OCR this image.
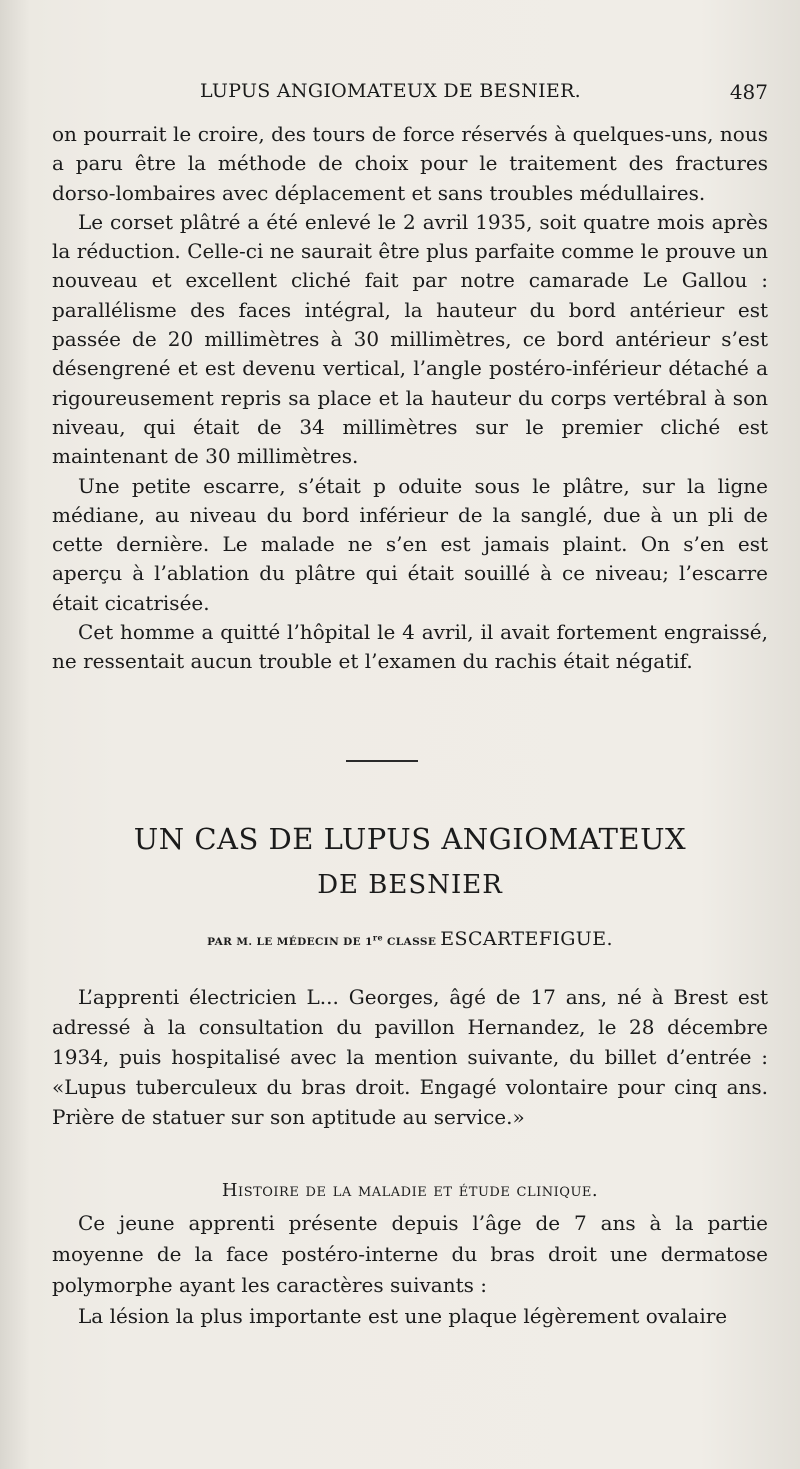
LUPUS ANGIOMATEUX DE BESNIER.	487

on pourrait le croire, des tours de force réservés à quelques-uns, nous a paru être la méthode de choix pour le traitement des fractures dorso-lombaires avec déplacement et sans troubles médullaires.

Le corset plâtré a été enlevé le 2 avril 1935, soit quatre mois après la réduction. Celle-ci ne saurait être plus parfaite comme le prouve un nouveau et excellent cliché fait par notre camarade Le Gallou : parallélisme des faces intégral, la hauteur du bord antérieur est passée de 20 millimètres à 30 millimètres, ce bord antérieur s’est désengrené et est devenu vertical, l’angle postéro-inférieur détaché a rigoureusement repris sa place et la hauteur du corps vertébral à son niveau, qui était de 34 millimètres sur le premier cliché est maintenant de 30 millimètres.

Une petite escarre, s’était p oduite sous le plâtre, sur la ligne médiane, au niveau du bord inférieur de la sanglé, due à un pli de cette dernière. Le malade ne s’en est jamais plaint. On s’en est aperçu à l’ablation du plâtre qui était souillé à ce niveau; l’escarre était cicatrisée.

Cet homme a quitté l’hôpital le 4 avril, il avait fortement engraissé, ne ressentait aucun trouble et l’examen du rachis était négatif.

UN CAS DE LUPUS ANGIOMATEUX
DE BESNIER
PAR M. LE MÉDECIN DE 1re CLASSE ESCARTEFIGUE.

L’apprenti électricien L... Georges, âgé de 17 ans, né à Brest est adressé à la consultation du pavillon Hernandez, le 28 décembre 1934, puis hospitalisé avec la mention suivante, du billet d’entrée : «Lupus tuberculeux du bras droit. Engagé volontaire pour cinq ans. Prière de statuer sur son aptitude au service.»

Histoire de la maladie et étude clinique.

Ce jeune apprenti présente depuis l’âge de 7 ans à la partie moyenne de la face postéro-interne du bras droit une dermatose polymorphe ayant les caractères suivants :

La lésion la plus importante est une plaque légèrement ovalaire
